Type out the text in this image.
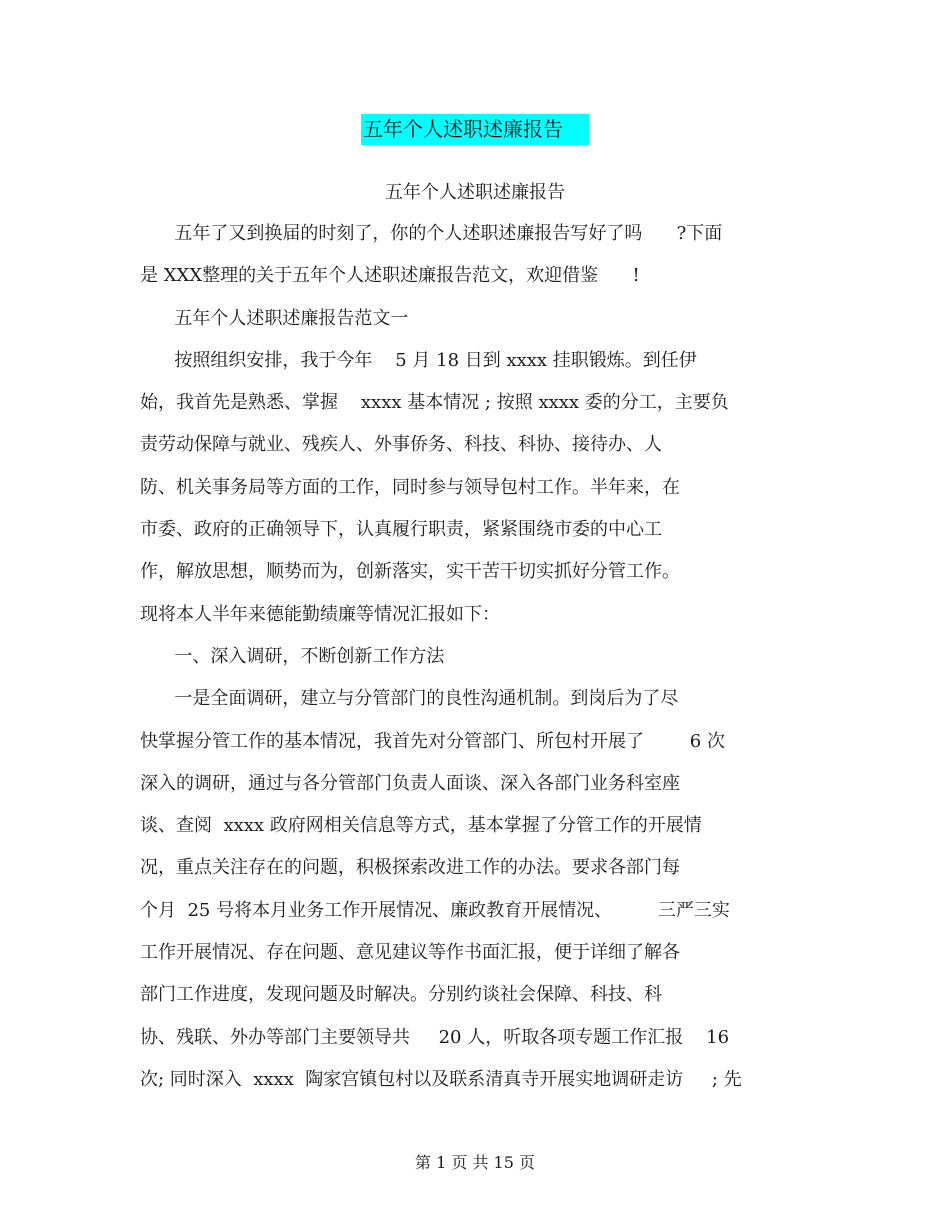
五年个人述职述廉报告
五年个人述职述廉报告
五年了又到换届的时刻了，你的个人述职述廉报告写好了吗      ?下面
是 XXX整理的关于五年个人述职述廉报告范文，欢迎借鉴      !
五年个人述职述廉报告范文一
按照组织安排，我于今年    5 月 18 日到 xxxx 挂职锻炼。到任伊
始，我首先是熟悉、掌握    xxxx 基本情况 ; 按照 xxxx 委的分工，主要负
责劳动保障与就业、残疾人、外事侨务、科技、科协、接待办、人
防、机关事务局等方面的工作，同时参与领导包村工作。半年来，在
市委、政府的正确领导下，认真履行职责，紧紧围绕市委的中心工
作，解放思想，顺势而为，创新落实，实干苦干切实抓好分管工作。
现将本人半年来德能勤绩廉等情况汇报如下：
一、深入调研，不断创新工作方法
一是全面调研，建立与分管部门的良性沟通机制。到岗后为了尽
快掌握分管工作的基本情况，我首先对分管部门、所包村开展了        6 次
深入的调研，通过与各分管部门负责人面谈、深入各部门业务科室座
谈、查阅  xxxx 政府网相关信息等方式，基本掌握了分管工作的开展情
况，重点关注存在的问题，积极探索改进工作的办法。要求各部门每
个月  25 号将本月业务工作开展情况、廉政教育开展情况、        三严三实
工作开展情况、存在问题、意见建议等作书面汇报，便于详细了解各
部门工作进度，发现问题及时解决。分别约谈社会保障、科技、科
协、残联、外办等部门主要领导共     20 人，听取各项专题工作汇报    16
次; 同时深入  xxxx  陶家宫镇包村以及联系清真寺开展实地调研走访     ; 先
第 1 页 共 15 页
